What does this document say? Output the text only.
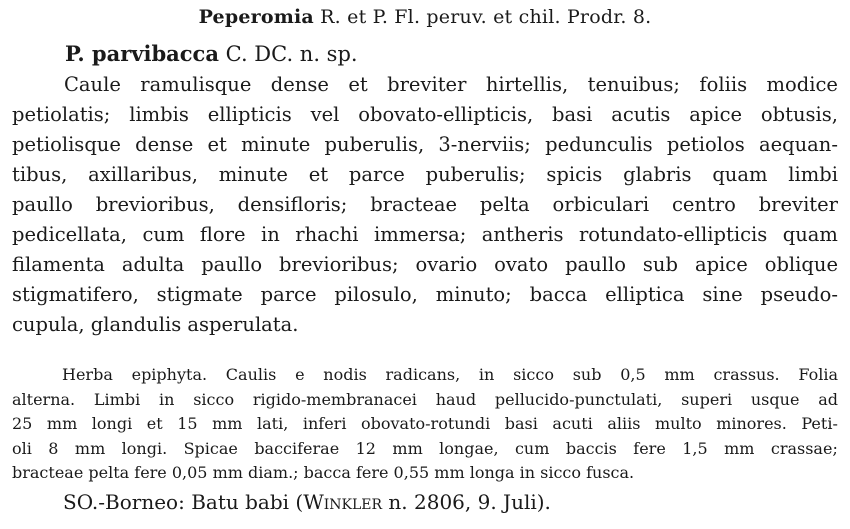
Peperomia R. et P. Fl. peruv. et chil. Prodr. 8.
P. parvibacca C. DC. n. sp.
Caule ramulisque dense et breviter hirtellis, tenuibus; foliis modice
petiolatis; limbis ellipticis vel obovato-ellipticis, basi acutis apice obtusis,
petiolisque dense et minute puberulis, 3-nerviis; pedunculis petiolos aequan-
tibus, axillaribus, minute et parce puberulis; spicis glabris quam limbi
paullo brevioribus, densifloris; bracteae pelta orbiculari centro breviter
pedicellata, cum flore in rhachi immersa; antheris rotundato-ellipticis quam
filamenta adulta paullo brevioribus; ovario ovato paullo sub apice oblique
stigmatifero, stigmate parce pilosulo, minuto; bacca elliptica sine pseudo-
cupula, glandulis asperulata.
Herba epiphyta. Caulis e nodis radicans, in sicco sub 0,5 mm crassus. Folia
alterna. Limbi in sicco rigido-membranacei haud pellucido-punctulati, superi usque ad
25 mm longi et 15 mm lati, inferi obovato-rotundi basi acuti aliis multo minores. Peti-
oli 8 mm longi. Spicae bacciferae 12 mm longae, cum baccis fere 1,5 mm crassae;
bracteae pelta fere 0,05 mm diam.; bacca fere 0,55 mm longa in sicco fusca.
SO.-Borneo: Batu babi (Winkler n. 2806, 9. Juli).
